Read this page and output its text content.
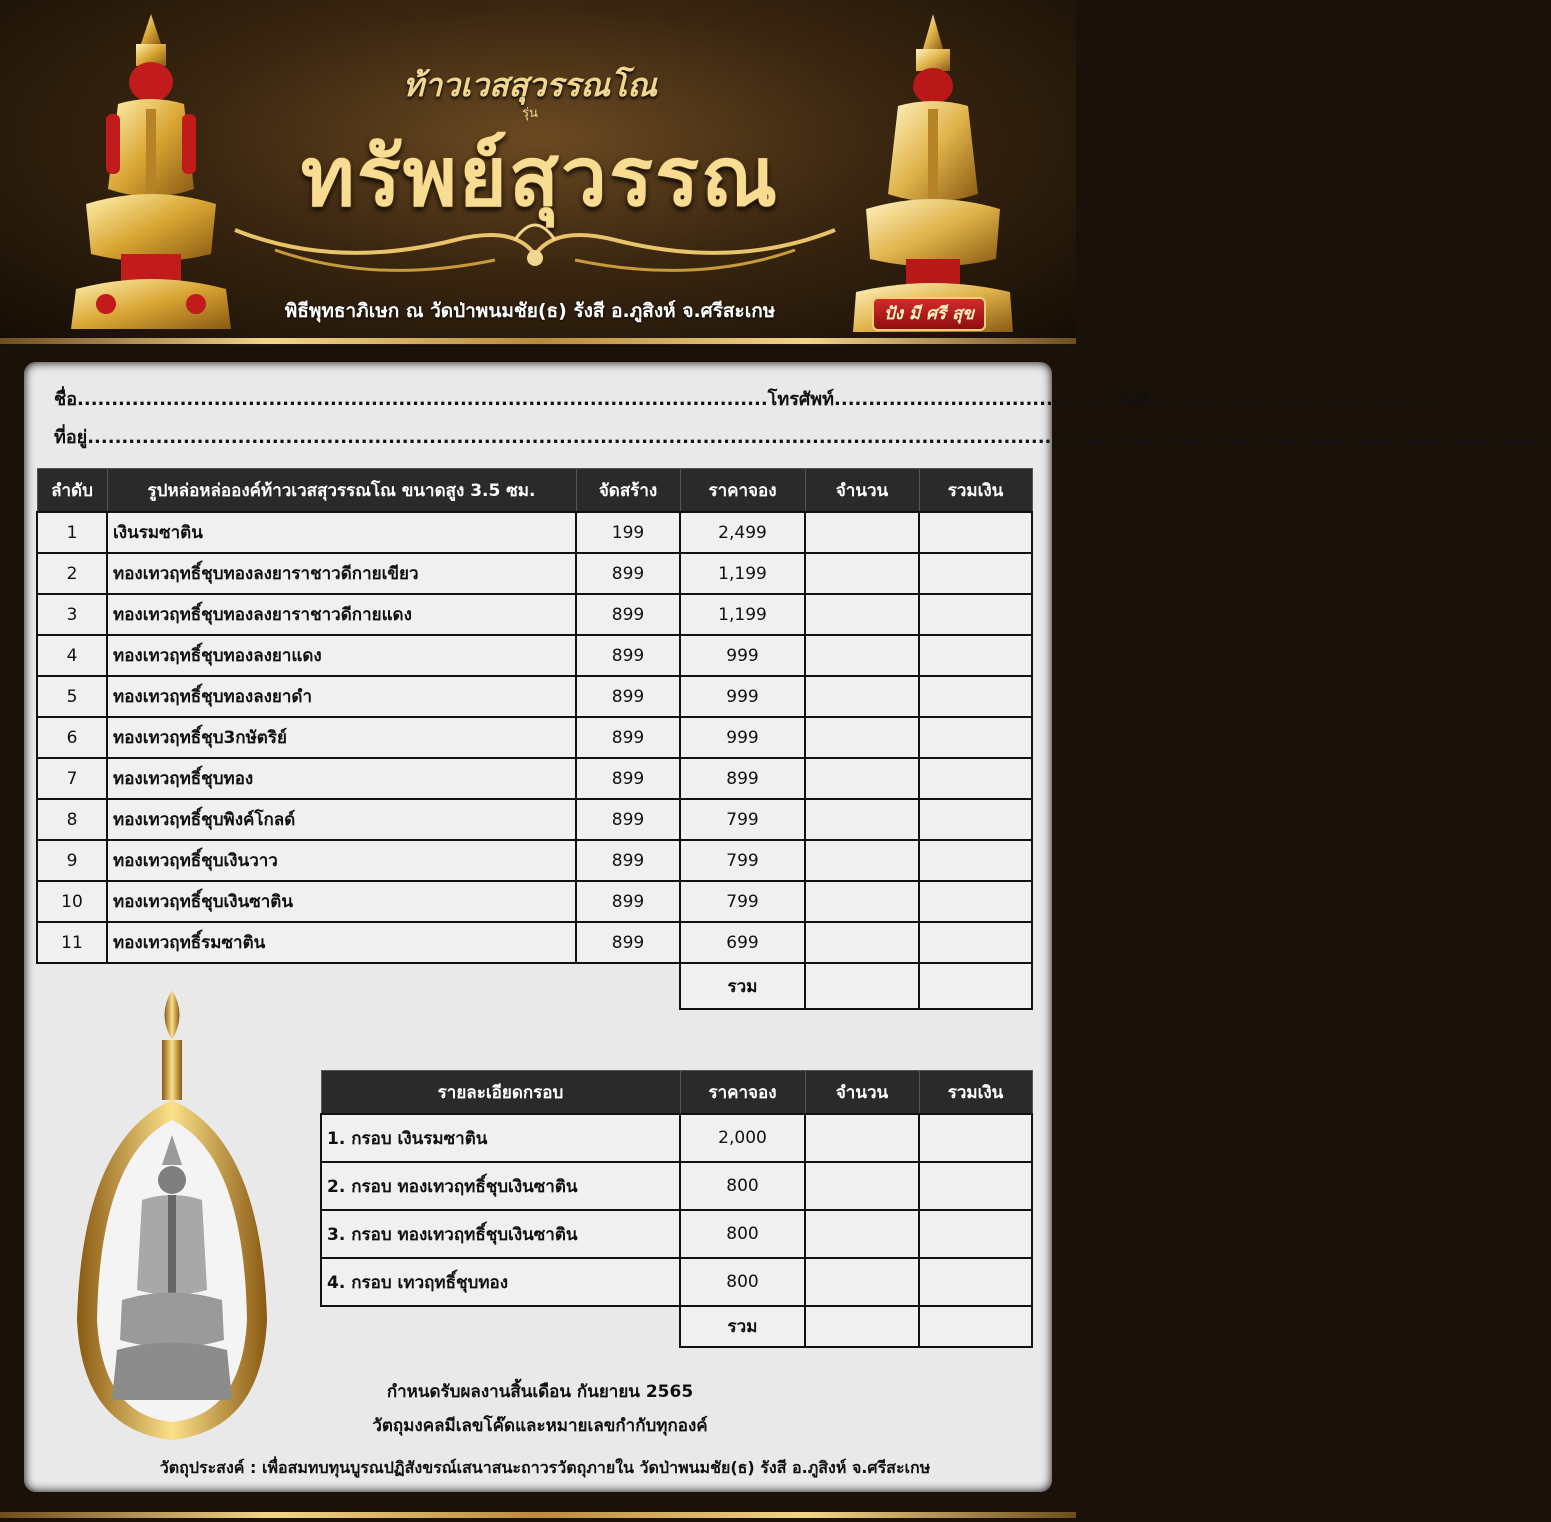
ท้าวเวสสุวรรณโณ
รุ่น
ทรัพย์สุวรรณ
พิธีพุทธาภิเษก ณ วัดป่าพนมชัย(ธ) รังสี อ.ภูสิงห์ จ.ศรีสะเกษ	ปัง มี ศรี สุข
ชื่อ.....................................................................................................โทรศัพท์.........................................วันที่..........................................
ที่อยู่......................................................................................................................................................................................................................
ลำดับ	รูปหล่อหล่อองค์ท้าวเวสสุวรรณโณ ขนาดสูง 3.5 ซม.	จัดสร้าง	ราคาจอง	จำนวน	รวมเงิน
1	เงินรมซาติน	199	2,499		
2	ทองเทวฤทธิ์ชุบทองลงยาราชาวดีกายเขียว	899	1,199		
3	ทองเทวฤทธิ์ชุบทองลงยาราชาวดีกายแดง	899	1,199		
4	ทองเทวฤทธิ์ชุบทองลงยาแดง	899	999		
5	ทองเทวฤทธิ์ชุบทองลงยาดำ	899	999		
6	ทองเทวฤทธิ์ชุบ3กษัตริย์	899	999		
7	ทองเทวฤทธิ์ชุบทอง	899	899		
8	ทองเทวฤทธิ์ชุบพิงค์โกลด์	899	799		
9	ทองเทวฤทธิ์ชุบเงินวาว	899	799		
10	ทองเทวฤทธิ์ชุบเงินซาติน	899	799		
11	ทองเทวฤทธิ์รมซาติน	899	699		
			รวม		
รายละเอียดกรอบ	ราคาจอง	จำนวน	รวมเงิน
1. กรอบ เงินรมซาติน	2,000		
2. กรอบ ทองเทวฤทธิ์ชุบเงินซาติน	800		
3. กรอบ ทองเทวฤทธิ์ชุบเงินซาติน	800		
4. กรอบ เทวฤทธิ์ชุบทอง	800		
	รวม		
กำหนดรับผลงานสิ้นเดือน กันยายน 2565
วัตถุมงคลมีเลขโค๊ดและหมายเลขกำกับทุกองค์
วัตถุประสงค์ : เพื่อสมทบทุนบูรณปฏิสังขรณ์เสนาสนะถาวรวัตถุภายใน วัดป่าพนมชัย(ธ) รังสี อ.ภูสิงห์ จ.ศรีสะเกษ
